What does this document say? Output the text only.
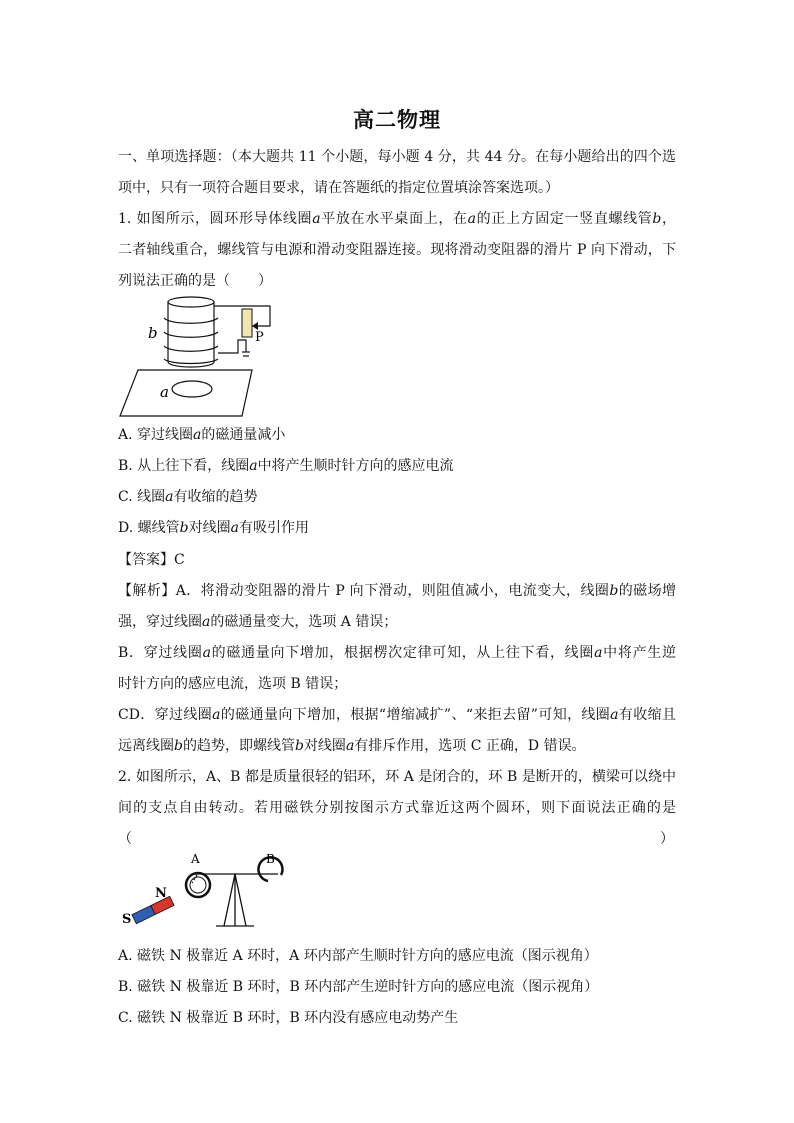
高二物理
一、单项选择题：（本大题共 11 个小题，每小题 4 分，共 44 分。在每小题给出的四个选
项中，只有一项符合题目要求，请在答题纸的指定位置填涂答案选项。）
1. 如图所示，圆环形导体线圈a平放在水平桌面上，在a的正上方固定一竖直螺线管b，
二者轴线重合，螺线管与电源和滑动变阻器连接。现将滑动变阻器的滑片 P 向下滑动，下
列说法正确的是（　　）
b	P
a
A. 穿过线圈a的磁通量减小
B. 从上往下看，线圈a中将产生顺时针方向的感应电流
C. 线圈a有收缩的趋势
D. 螺线管b对线圈a有吸引作用
【答案】C
【解析】A．将滑动变阻器的滑片 P 向下滑动，则阻值减小，电流变大，线圈b的磁场增
强，穿过线圈a的磁通量变大，选项 A 错误；
B．穿过线圈a的磁通量向下增加，根据楞次定律可知，从上往下看，线圈a中将产生逆
时针方向的感应电流，选项 B 错误；
CD．穿过线圈a的磁通量向下增加，根据“增缩减扩”、“来拒去留”可知，线圈a有收缩且
远离线圈b的趋势，即螺线管b对线圈a有排斥作用，选项 C 正确，D 错误。
2. 如图所示，A、B 都是质量很轻的铝环，环 A 是闭合的，环 B 是断开的，横梁可以绕中
间的支点自由转动。若用磁铁分别按图示方式靠近这两个圆环，则下面说法正确的是
（	）
A	B
N
S
A. 磁铁 N 极靠近 A 环时，A 环内部产生顺时针方向的感应电流（图示视角）
B. 磁铁 N 极靠近 B 环时，B 环内部产生逆时针方向的感应电流（图示视角）
C. 磁铁 N 极靠近 B 环时，B 环内没有感应电动势产生
